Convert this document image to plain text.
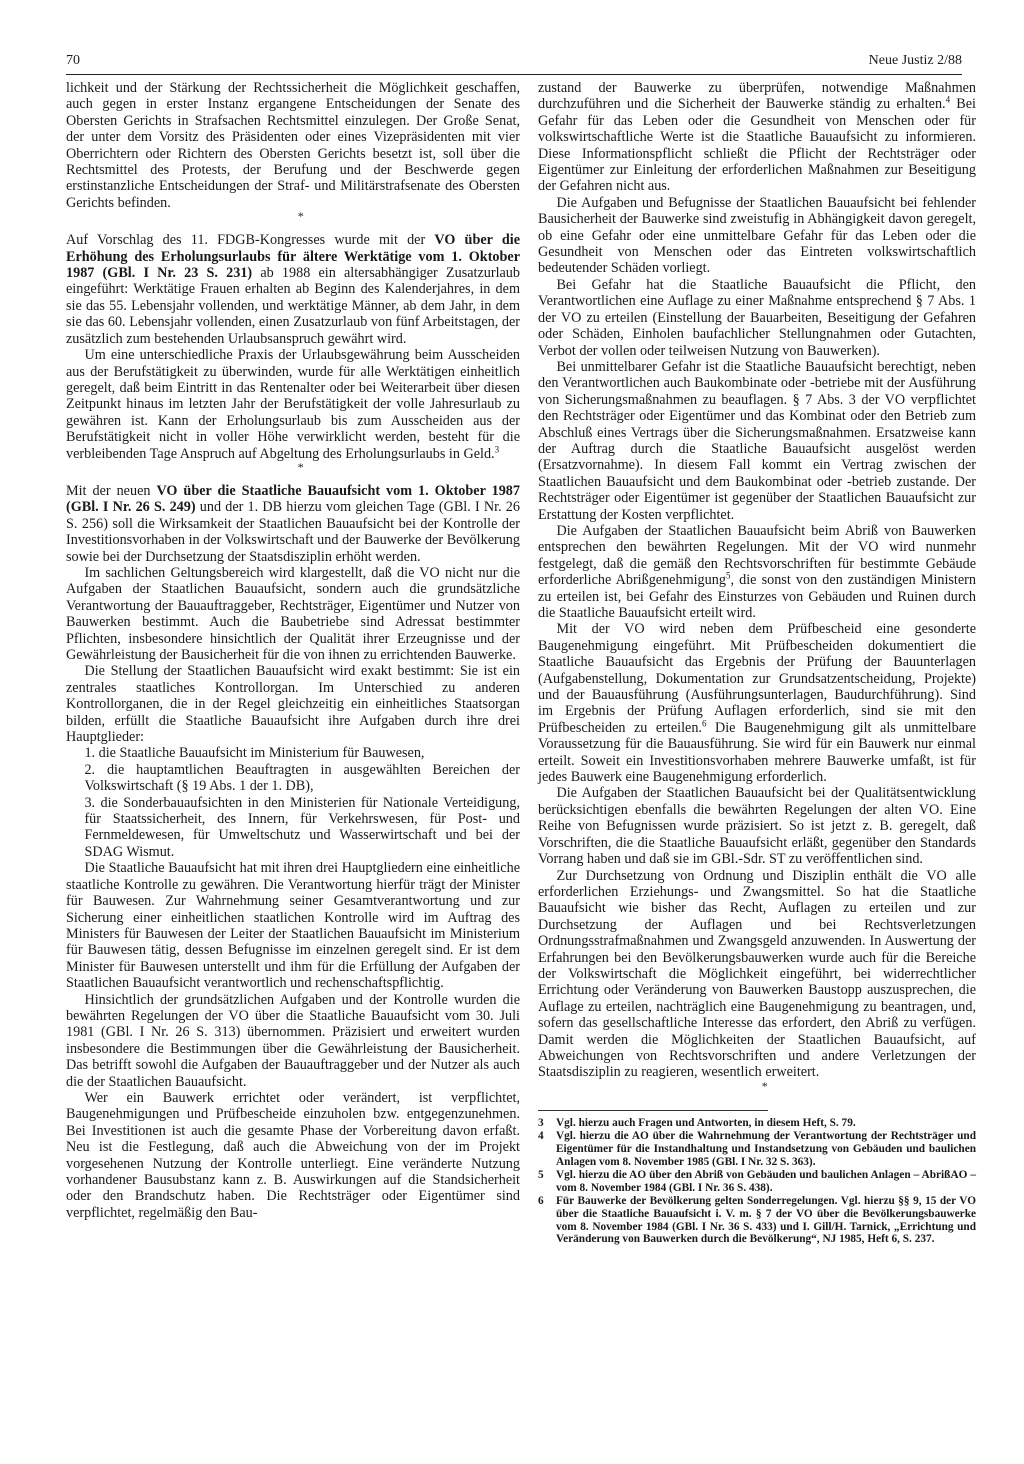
70	Neue Justiz 2/88

lichkeit und der Stärkung der Rechtssicherheit die Möglichkeit geschaffen, auch gegen in erster Instanz ergangene Entscheidungen der Senate des Obersten Gerichts in Strafsachen Rechtsmittel einzulegen. Der Große Senat, der unter dem Vorsitz des Präsidenten oder eines Vizepräsidenten mit vier Oberrichtern oder Richtern des Obersten Gerichts besetzt ist, soll über die Rechtsmittel des Protests, der Berufung und der Beschwerde gegen erstinstanzliche Entscheidungen der Straf- und Militärstrafsenate des Obersten Gerichts befinden.

*

Auf Vorschlag des 11. FDGB-Kongresses wurde mit der VO über die Erhöhung des Erholungsurlaubs für ältere Werktätige vom 1. Oktober 1987 (GBl. I Nr. 23 S. 231) ab 1988 ein altersabhängiger Zusatzurlaub eingeführt: Werktätige Frauen erhalten ab Beginn des Kalenderjahres, in dem sie das 55. Lebensjahr vollenden, und werktätige Männer, ab dem Jahr, in dem sie das 60. Lebensjahr vollenden, einen Zusatzurlaub von fünf Arbeitstagen, der zusätzlich zum bestehenden Urlaubsanspruch gewährt wird.

Um eine unterschiedliche Praxis der Urlaubsgewährung beim Ausscheiden aus der Berufstätigkeit zu überwinden, wurde für alle Werktätigen einheitlich geregelt, daß beim Eintritt in das Rentenalter oder bei Weiterarbeit über diesen Zeitpunkt hinaus im letzten Jahr der Berufstätigkeit der volle Jahresurlaub zu gewähren ist. Kann der Erholungsurlaub bis zum Ausscheiden aus der Berufstätigkeit nicht in voller Höhe verwirklicht werden, besteht für die verbleibenden Tage Anspruch auf Abgeltung des Erholungsurlaubs in Geld.$^3$

*

Mit der neuen VO über die Staatliche Bauaufsicht vom 1. Oktober 1987 (GBl. I Nr. 26 S. 249) und der 1. DB hierzu vom gleichen Tage (GBl. I Nr. 26 S. 256) soll die Wirksamkeit der Staatlichen Bauaufsicht bei der Kontrolle der Investitionsvorhaben in der Volkswirtschaft und der Bauwerke der Bevölkerung sowie bei der Durchsetzung der Staatsdisziplin erhöht werden.

Im sachlichen Geltungsbereich wird klargestellt, daß die VO nicht nur die Aufgaben der Staatlichen Bauaufsicht, sondern auch die grundsätzliche Verantwortung der Bauauftraggeber, Rechtsträger, Eigentümer und Nutzer von Bauwerken bestimmt. Auch die Baubetriebe sind Adressat bestimmter Pflichten, insbesondere hinsichtlich der Qualität ihrer Erzeugnisse und der Gewährleistung der Bausicherheit für die von ihnen zu errichtenden Bauwerke.

Die Stellung der Staatlichen Bauaufsicht wird exakt bestimmt: Sie ist ein zentrales staatliches Kontrollorgan. Im Unterschied zu anderen Kontrollorganen, die in der Regel gleichzeitig ein einheitliches Staatsorgan bilden, erfüllt die Staatliche Bauaufsicht ihre Aufgaben durch ihre drei Hauptglieder:

1. die Staatliche Bauaufsicht im Ministerium für Bauwesen,

2. die hauptamtlichen Beauftragten in ausgewählten Bereichen der Volkswirtschaft (§ 19 Abs. 1 der 1. DB),

3. die Sonderbauaufsichten in den Ministerien für Nationale Verteidigung, für Staatssicherheit, des Innern, für Verkehrswesen, für Post- und Fernmeldewesen, für Umweltschutz und Wasserwirtschaft und bei der SDAG Wismut.

Die Staatliche Bauaufsicht hat mit ihren drei Hauptgliedern eine einheitliche staatliche Kontrolle zu gewähren. Die Verantwortung hierfür trägt der Minister für Bauwesen. Zur Wahrnehmung seiner Gesamtverantwortung und zur Sicherung einer einheitlichen staatlichen Kontrolle wird im Auftrag des Ministers für Bauwesen der Leiter der Staatlichen Bauaufsicht im Ministerium für Bauwesen tätig, dessen Befugnisse im einzelnen geregelt sind. Er ist dem Minister für Bauwesen unterstellt und ihm für die Erfüllung der Aufgaben der Staatlichen Bauaufsicht verantwortlich und rechenschaftspflichtig.

Hinsichtlich der grundsätzlichen Aufgaben und der Kontrolle wurden die bewährten Regelungen der VO über die Staatliche Bauaufsicht vom 30. Juli 1981 (GBl. I Nr. 26 S. 313) übernommen. Präzisiert und erweitert wurden insbesondere die Bestimmungen über die Gewährleistung der Bausicherheit. Das betrifft sowohl die Aufgaben der Bauauftraggeber und der Nutzer als auch die der Staatlichen Bauaufsicht.

Wer ein Bauwerk errichtet oder verändert, ist verpflichtet, Baugenehmigungen und Prüfbescheide einzuholen bzw. entgegenzunehmen. Bei Investitionen ist auch die gesamte Phase der Vorbereitung davon erfaßt. Neu ist die Festlegung, daß auch die Abweichung von der im Projekt vorgesehenen Nutzung der Kontrolle unterliegt. Eine veränderte Nutzung vorhandener Bausubstanz kann z. B. Auswirkungen auf die Standsicherheit oder den Brandschutz haben. Die Rechtsträger oder Eigentümer sind verpflichtet, regelmäßig den Bau-

zustand der Bauwerke zu überprüfen, notwendige Maßnahmen durchzuführen und die Sicherheit der Bauwerke ständig zu erhalten.$^4$ Bei Gefahr für das Leben oder die Gesundheit von Menschen oder für volkswirtschaftliche Werte ist die Staatliche Bauaufsicht zu informieren. Diese Informationspflicht schließt die Pflicht der Rechtsträger oder Eigentümer zur Einleitung der erforderlichen Maßnahmen zur Beseitigung der Gefahren nicht aus.

Die Aufgaben und Befugnisse der Staatlichen Bauaufsicht bei fehlender Bausicherheit der Bauwerke sind zweistufig in Abhängigkeit davon geregelt, ob eine Gefahr oder eine unmittelbare Gefahr für das Leben oder die Gesundheit von Menschen oder das Eintreten volkswirtschaftlich bedeutender Schäden vorliegt.

Bei Gefahr hat die Staatliche Bauaufsicht die Pflicht, den Verantwortlichen eine Auflage zu einer Maßnahme entsprechend § 7 Abs. 1 der VO zu erteilen (Einstellung der Bauarbeiten, Beseitigung der Gefahren oder Schäden, Einholen baufachlicher Stellungnahmen oder Gutachten, Verbot der vollen oder teilweisen Nutzung von Bauwerken).

Bei unmittelbarer Gefahr ist die Staatliche Bauaufsicht berechtigt, neben den Verantwortlichen auch Baukombinate oder -betriebe mit der Ausführung von Sicherungsmaßnahmen zu beauflagen. § 7 Abs. 3 der VO verpflichtet den Rechtsträger oder Eigentümer und das Kombinat oder den Betrieb zum Abschluß eines Vertrags über die Sicherungsmaßnahmen. Ersatzweise kann der Auftrag durch die Staatliche Bauaufsicht ausgelöst werden (Ersatzvornahme). In diesem Fall kommt ein Vertrag zwischen der Staatlichen Bauaufsicht und dem Baukombinat oder -betrieb zustande. Der Rechtsträger oder Eigentümer ist gegenüber der Staatlichen Bauaufsicht zur Erstattung der Kosten verpflichtet.

Die Aufgaben der Staatlichen Bauaufsicht beim Abriß von Bauwerken entsprechen den bewährten Regelungen. Mit der VO wird nunmehr festgelegt, daß die gemäß den Rechtsvorschriften für bestimmte Gebäude erforderliche Abrißgenehmigung$^5$, die sonst von den zuständigen Ministern zu erteilen ist, bei Gefahr des Einsturzes von Gebäuden und Ruinen durch die Staatliche Bauaufsicht erteilt wird.

Mit der VO wird neben dem Prüfbescheid eine gesonderte Baugenehmigung eingeführt. Mit Prüfbescheiden dokumentiert die Staatliche Bauaufsicht das Ergebnis der Prüfung der Bauunterlagen (Aufgabenstellung, Dokumentation zur Grundsatzentscheidung, Projekte) und der Bauausführung (Ausführungsunterlagen, Baudurchführung). Sind im Ergebnis der Prüfung Auflagen erforderlich, sind sie mit den Prüfbescheiden zu erteilen.$^6$ Die Baugenehmigung gilt als unmittelbare Voraussetzung für die Bauausführung. Sie wird für ein Bauwerk nur einmal erteilt. Soweit ein Investitionsvorhaben mehrere Bauwerke umfaßt, ist für jedes Bauwerk eine Baugenehmigung erforderlich.

Die Aufgaben der Staatlichen Bauaufsicht bei der Qualitätsentwicklung berücksichtigen ebenfalls die bewährten Regelungen der alten VO. Eine Reihe von Befugnissen wurde präzisiert. So ist jetzt z. B. geregelt, daß Vorschriften, die die Staatliche Bauaufsicht erläßt, gegenüber den Standards Vorrang haben und daß sie im GBl.-Sdr. ST zu veröffentlichen sind.

Zur Durchsetzung von Ordnung und Disziplin enthält die VO alle erforderlichen Erziehungs- und Zwangsmittel. So hat die Staatliche Bauaufsicht wie bisher das Recht, Auflagen zu erteilen und zur Durchsetzung der Auflagen und bei Rechtsverletzungen Ordnungsstrafmaßnahmen und Zwangsgeld anzuwenden. In Auswertung der Erfahrungen bei den Bevölkerungsbauwerken wurde auch für die Bereiche der Volkswirtschaft die Möglichkeit eingeführt, bei widerrechtlicher Errichtung oder Veränderung von Bauwerken Baustopp auszusprechen, die Auflage zu erteilen, nachträglich eine Baugenehmigung zu beantragen, und, sofern das gesellschaftliche Interesse das erfordert, den Abriß zu verfügen. Damit werden die Möglichkeiten der Staatlichen Bauaufsicht, auf Abweichungen von Rechtsvorschriften und andere Verletzungen der Staatsdisziplin zu reagieren, wesentlich erweitert.

*

3 Vgl. hierzu auch Fragen und Antworten, in diesem Heft, S. 79.

4 Vgl. hierzu die AO über die Wahrnehmung der Verantwortung der Rechtsträger und Eigentümer für die Instandhaltung und Instandsetzung von Gebäuden und baulichen Anlagen vom 8. November 1985 (GBl. I Nr. 32 S. 363).

5 Vgl. hierzu die AO über den Abriß von Gebäuden und baulichen Anlagen – AbrißAO – vom 8. November 1984 (GBl. I Nr. 36 S. 438).

6 Für Bauwerke der Bevölkerung gelten Sonderregelungen. Vgl. hierzu §§ 9, 15 der VO über die Staatliche Bauaufsicht i. V. m. § 7 der VO über die Bevölkerungsbauwerke vom 8. November 1984 (GBl. I Nr. 36 S. 433) und I. Gill/H. Tarnick, „Errichtung und Veränderung von Bauwerken durch die Bevölkerung“, NJ 1985, Heft 6, S. 237.
